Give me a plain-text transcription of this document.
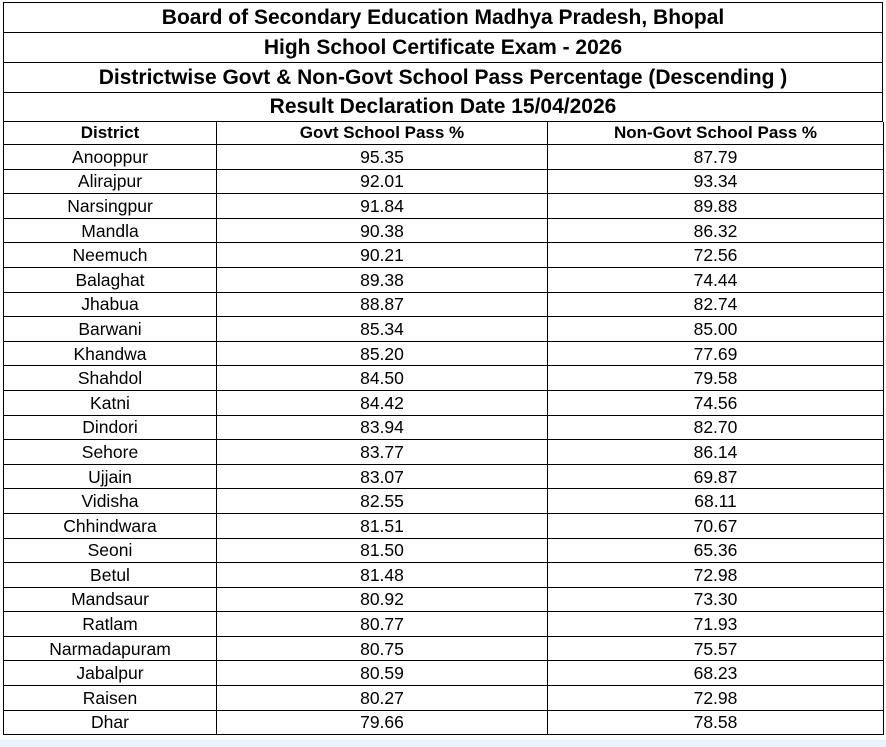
Board of Secondary Education Madhya Pradesh, Bhopal
High School Certificate Exam - 2026
Districtwise Govt & Non-Govt School Pass Percentage (Descending )
Result Declaration Date 15/04/2026
District	Govt School Pass %	Non-Govt School Pass %
Anooppur	95.35	87.79
Alirajpur	92.01	93.34
Narsingpur	91.84	89.88
Mandla	90.38	86.32
Neemuch	90.21	72.56
Balaghat	89.38	74.44
Jhabua	88.87	82.74
Barwani	85.34	85.00
Khandwa	85.20	77.69
Shahdol	84.50	79.58
Katni	84.42	74.56
Dindori	83.94	82.70
Sehore	83.77	86.14
Ujjain	83.07	69.87
Vidisha	82.55	68.11
Chhindwara	81.51	70.67
Seoni	81.50	65.36
Betul	81.48	72.98
Mandsaur	80.92	73.30
Ratlam	80.77	71.93
Narmadapuram	80.75	75.57
Jabalpur	80.59	68.23
Raisen	80.27	72.98
Dhar	79.66	78.58
